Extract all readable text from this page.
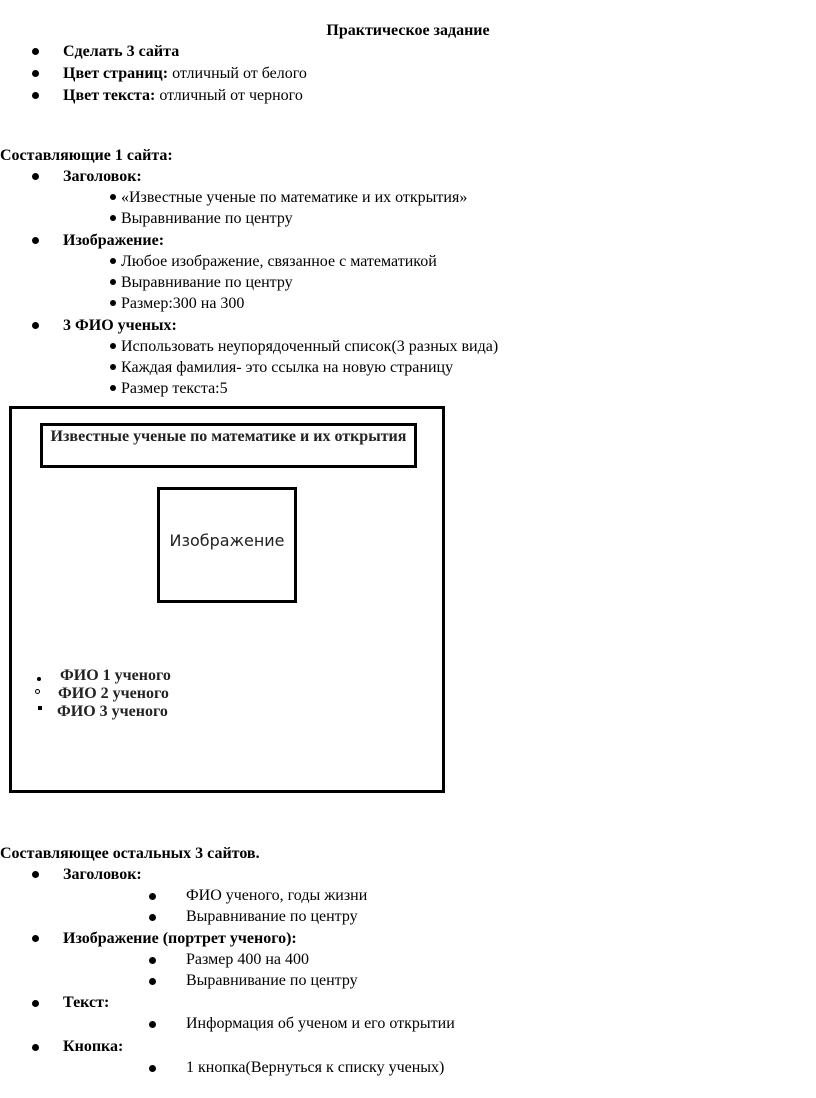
Практическое задание
Сделать 3 сайта
Цвет страниц: отличный от белого
Цвет текста: отличный от черного
Составляющие 1 сайта:
Заголовок:
«Известные ученые по математике и их открытия»
Выравнивание по центру
Изображение:
Любое изображение, связанное с математикой
Выравнивание по центру
Размер:300 на 300
3 ФИО ученых:
Использовать неупорядоченный список(3 разных вида)
Каждая фамилия- это ссылка на новую страницу
Размер текста:5
Известные ученые по математике и их открытия
Изображение
ФИО 1 ученого
ФИО 2 ученого
ФИО 3 ученого
Составляющее остальных 3 сайтов.
Заголовок:
ФИО ученого, годы жизни
Выравнивание по центру
Изображение (портрет ученого):
Размер 400 на 400
Выравнивание по центру
Текст:
Информация об ученом и его открытии
Кнопка:
1 кнопка(Вернуться к списку ученых)
